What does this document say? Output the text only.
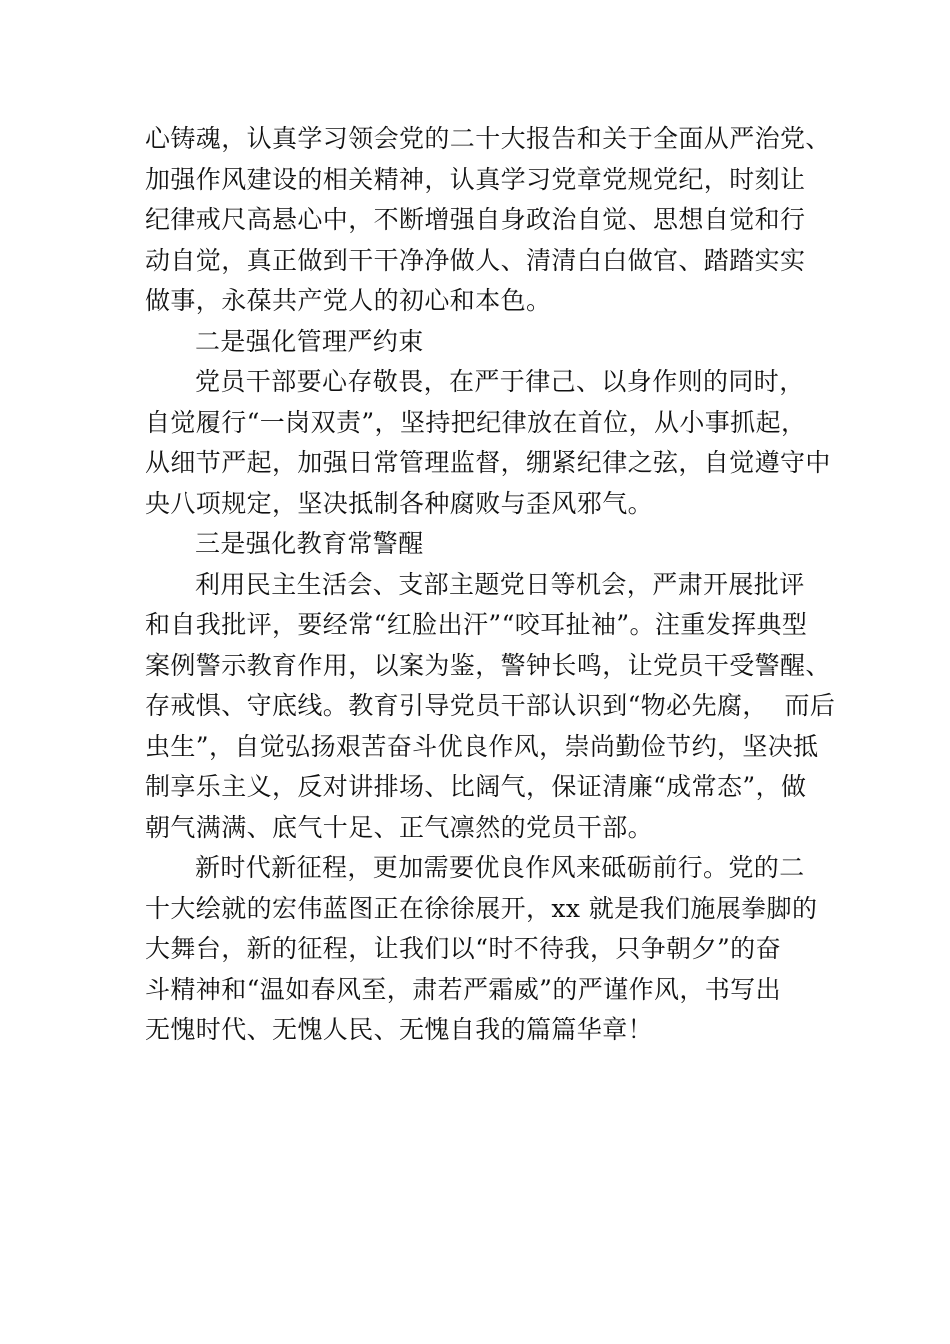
心铸魂，认真学习领会党的二十大报告和关于全面从严治党、
加强作风建设的相关精神，认真学习党章党规党纪，时刻让
纪律戒尺高悬心中，不断增强自身政治自觉、思想自觉和行
动自觉，真正做到干干净净做人、清清白白做官、踏踏实实
做事，永葆共产党人的初心和本色。
二是强化管理严约束
党员干部要心存敬畏，在严于律己、以身作则的同时，
自觉履行“一岗双责”，坚持把纪律放在首位，从小事抓起，
从细节严起，加强日常管理监督，绷紧纪律之弦，自觉遵守中
央八项规定，坚决抵制各种腐败与歪风邪气。
三是强化教育常警醒
利用民主生活会、支部主题党日等机会，严肃开展批评
和自我批评，要经常“红脸出汗”“咬耳扯袖”。注重发挥典型
案例警示教育作用，以案为鉴，警钟长鸣，让党员干受警醒、
存戒惧、守底线。教育引导党员干部认识到“物必先腐，  而后
虫生”，自觉弘扬艰苦奋斗优良作风，崇尚勤俭节约，坚决抵
制享乐主义，反对讲排场、比阔气，保证清廉“成常态”，做
朝气满满、底气十足、正气凛然的党员干部。
新时代新征程，更加需要优良作风来砥砺前行。党的二
十大绘就的宏伟蓝图正在徐徐展开，xx 就是我们施展拳脚的
大舞台，新的征程，让我们以“时不待我，只争朝夕”的奋
斗精神和“温如春风至，肃若严霜威”的严谨作风，书写出
无愧时代、无愧人民、无愧自我的篇篇华章！
